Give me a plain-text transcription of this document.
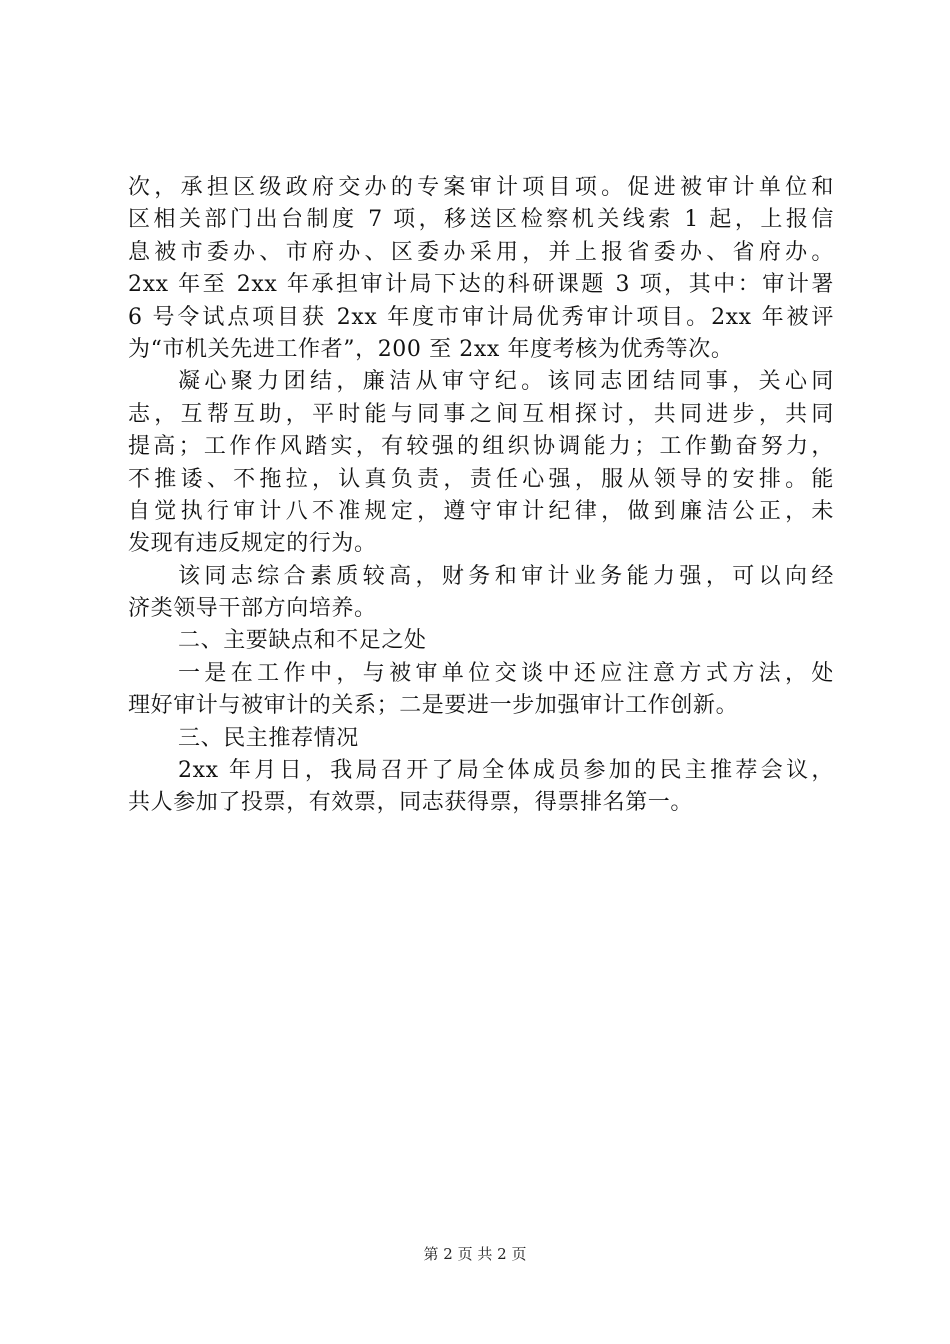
次，承担区级政府交办的专案审计项目项。促进被审计单位和
区相关部门出台制度 7 项，移送区检察机关线索 1 起，上报信
息被市委办、市府办、区委办采用，并上报省委办、省府办。
2xx 年至 2xx 年承担审计局下达的科研课题 3 项，其中：审计署
6 号令试点项目获 2xx 年度市审计局优秀审计项目。2xx 年被评
为“市机关先进工作者”，200 至 2xx 年度考核为优秀等次。
凝心聚力团结，廉洁从审守纪。该同志团结同事，关心同
志，互帮互助，平时能与同事之间互相探讨，共同进步，共同
提高；工作作风踏实，有较强的组织协调能力；工作勤奋努力，
不推诿、不拖拉，认真负责，责任心强，服从领导的安排。能
自觉执行审计八不准规定，遵守审计纪律，做到廉洁公正，未
发现有违反规定的行为。
该同志综合素质较高，财务和审计业务能力强，可以向经
济类领导干部方向培养。
二、主要缺点和不足之处
一是在工作中，与被审单位交谈中还应注意方式方法，处
理好审计与被审计的关系；二是要进一步加强审计工作创新。
三、民主推荐情况
2xx 年月日，我局召开了局全体成员参加的民主推荐会议，
共人参加了投票，有效票，同志获得票，得票排名第一。
第 2 页 共 2 页
